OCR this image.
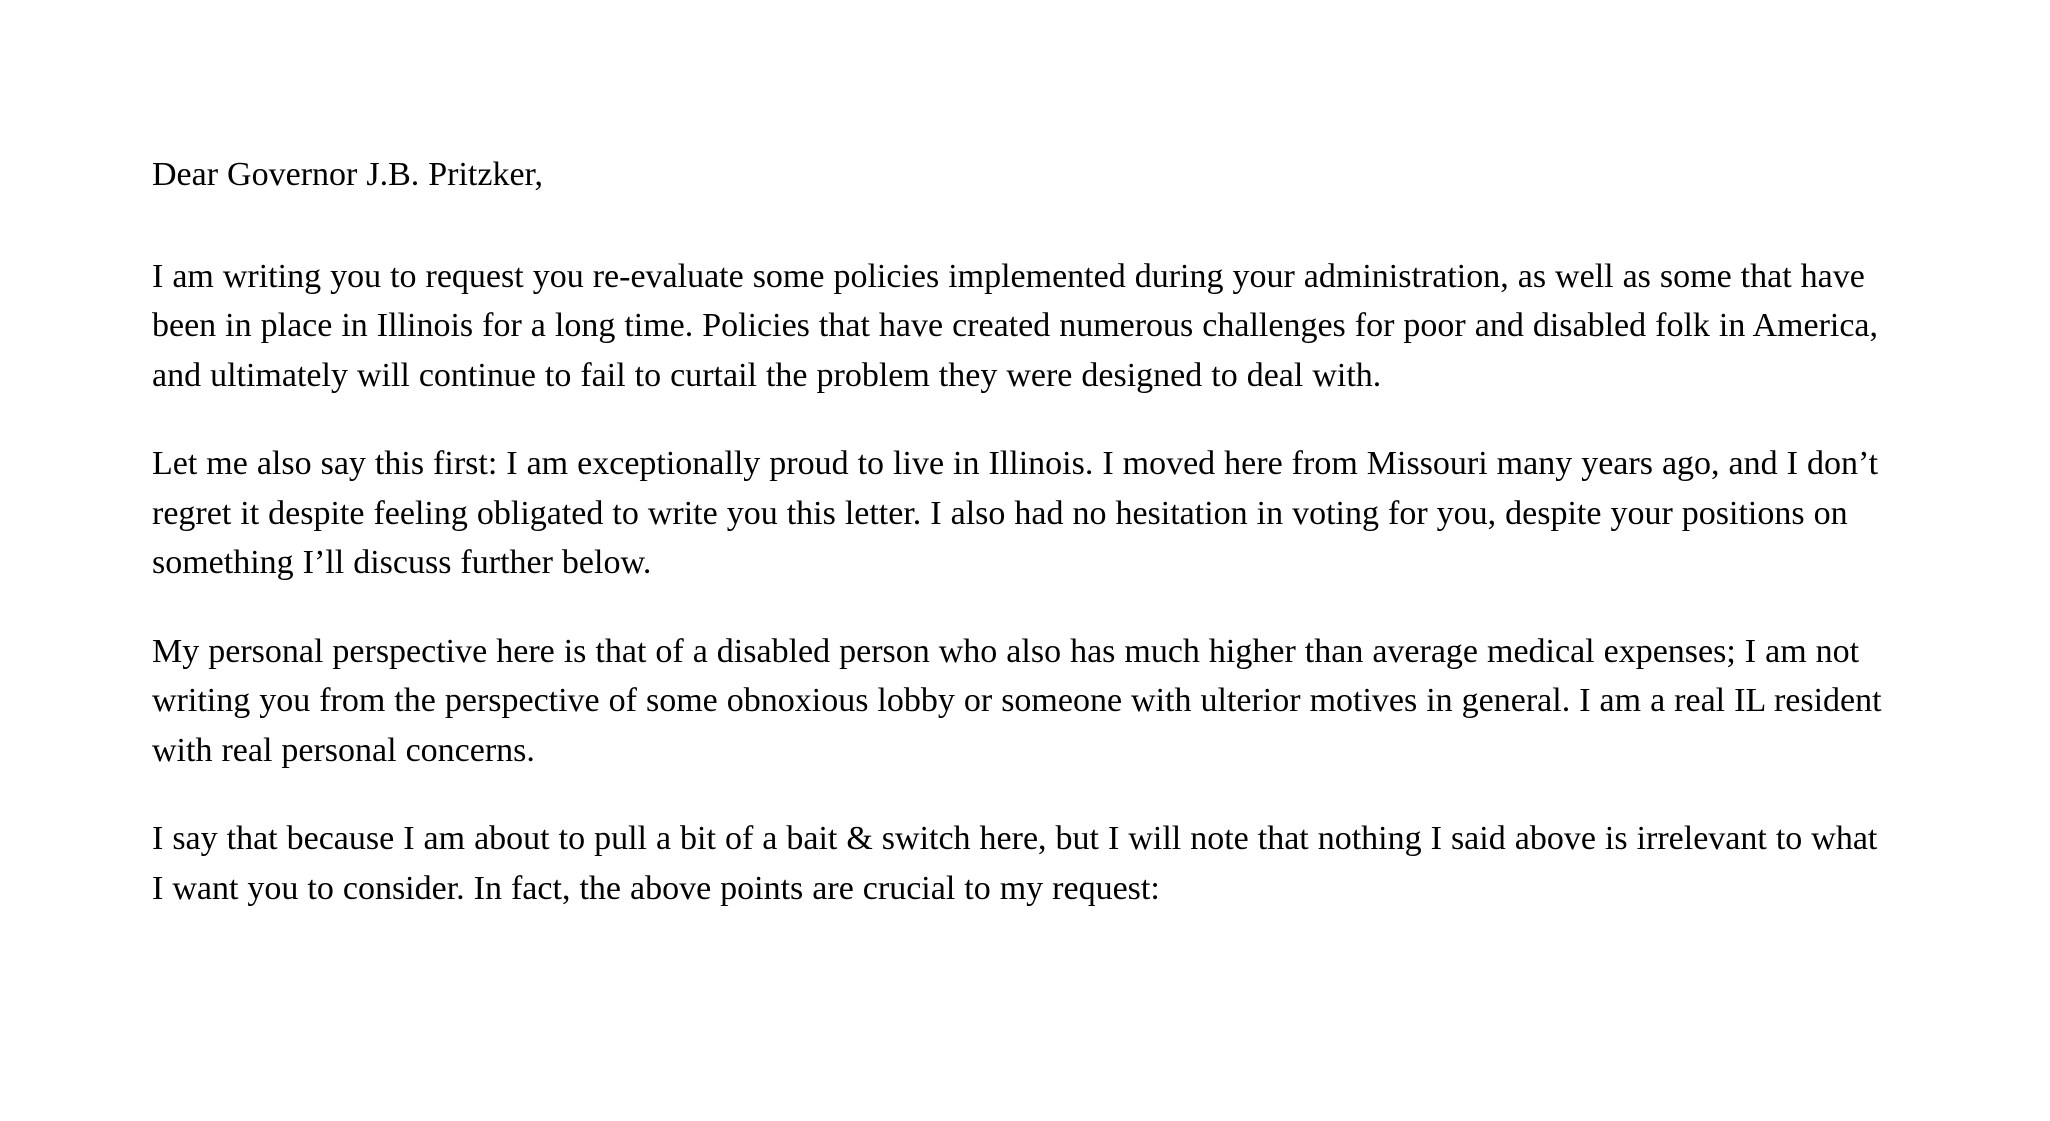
Dear Governor J.B. Pritzker,

I am writing you to request you re-evaluate some policies implemented during your administration, as well as some that have been in place in Illinois for a long time. Policies that have created numerous challenges for poor and disabled folk in America, and ultimately will continue to fail to curtail the problem they were designed to deal with.

Let me also say this first: I am exceptionally proud to live in Illinois. I moved here from Missouri many years ago, and I don’t regret it despite feeling obligated to write you this letter. I also had no hesitation in voting for you, despite your positions on something I’ll discuss further below.

My personal perspective here is that of a disabled person who also has much higher than average medical expenses; I am not writing you from the perspective of some obnoxious lobby or someone with ulterior motives in general. I am a real IL resident with real personal concerns.

I say that because I am about to pull a bit of a bait & switch here, but I will note that nothing I said above is irrelevant to what I want you to consider. In fact, the above points are crucial to my request:
